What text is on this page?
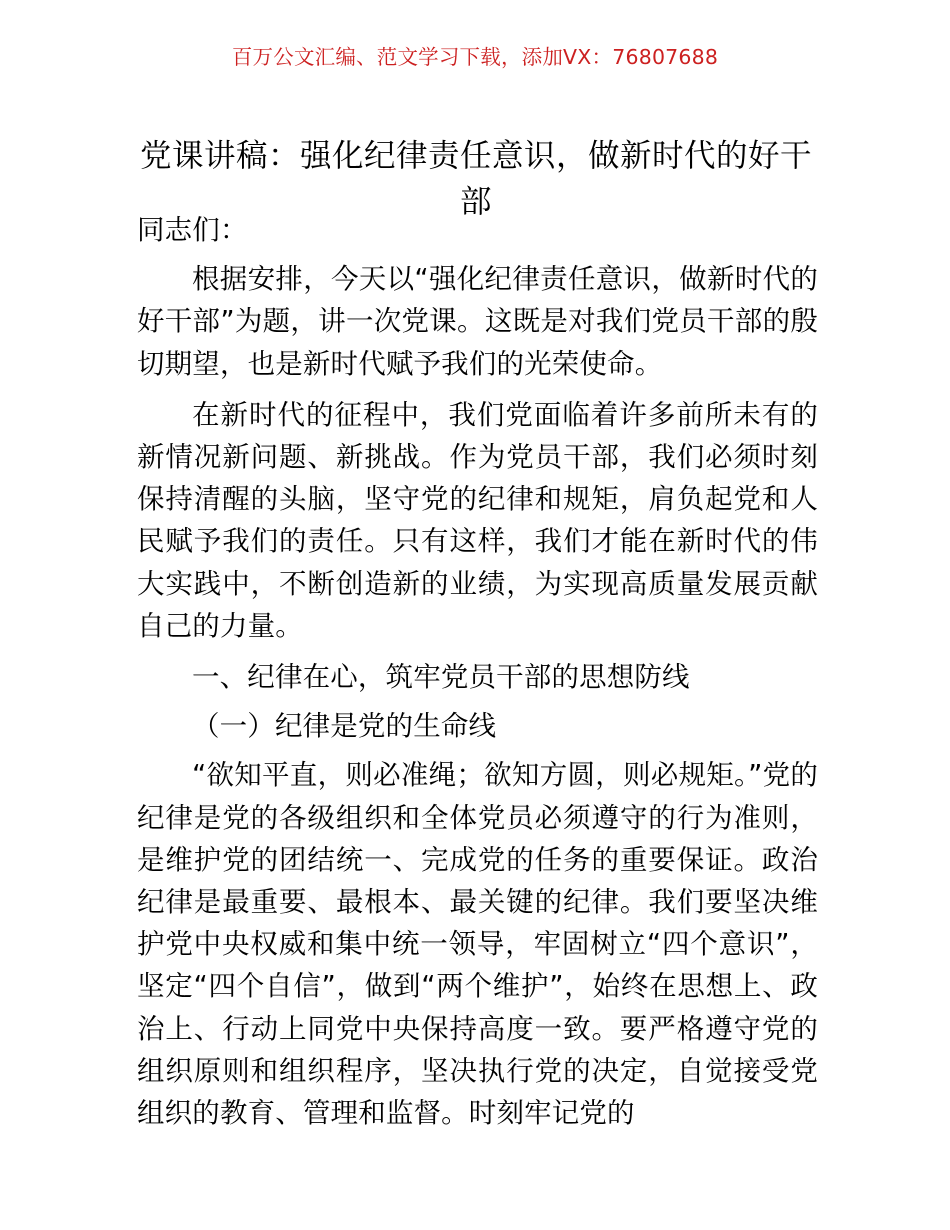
百万公文汇编、范文学习下载，添加VX：76807688
党课讲稿：强化纪律责任意识，做新时代的好干部

同志们：

根据安排，今天以“强化纪律责任意识，做新时代的好干部”为题，讲一次党课。这既是对我们党员干部的殷切期望，也是新时代赋予我们的光荣使命。

在新时代的征程中，我们党面临着许多前所未有的新情况新问题、新挑战。作为党员干部，我们必须时刻保持清醒的头脑，坚守党的纪律和规矩，肩负起党和人民赋予我们的责任。只有这样，我们才能在新时代的伟大实践中，不断创造新的业绩，为实现高质量发展贡献自己的力量。

一、纪律在心，筑牢党员干部的思想防线
（一）纪律是党的生命线

“欲知平直，则必准绳；欲知方圆，则必规矩。”党的纪律是党的各级组织和全体党员必须遵守的行为准则，是维护党的团结统一、完成党的任务的重要保证。政治纪律是最重要、最根本、最关键的纪律。我们要坚决维护党中央权威和集中统一领导，牢固树立“四个意识”，坚定“四个自信”，做到“两个维护”，始终在思想上、政治上、行动上同党中央保持高度一致。要严格遵守党的组织原则和组织程序，坚决执行党的决定，自觉接受党组织的教育、管理和监督。时刻牢记党的
